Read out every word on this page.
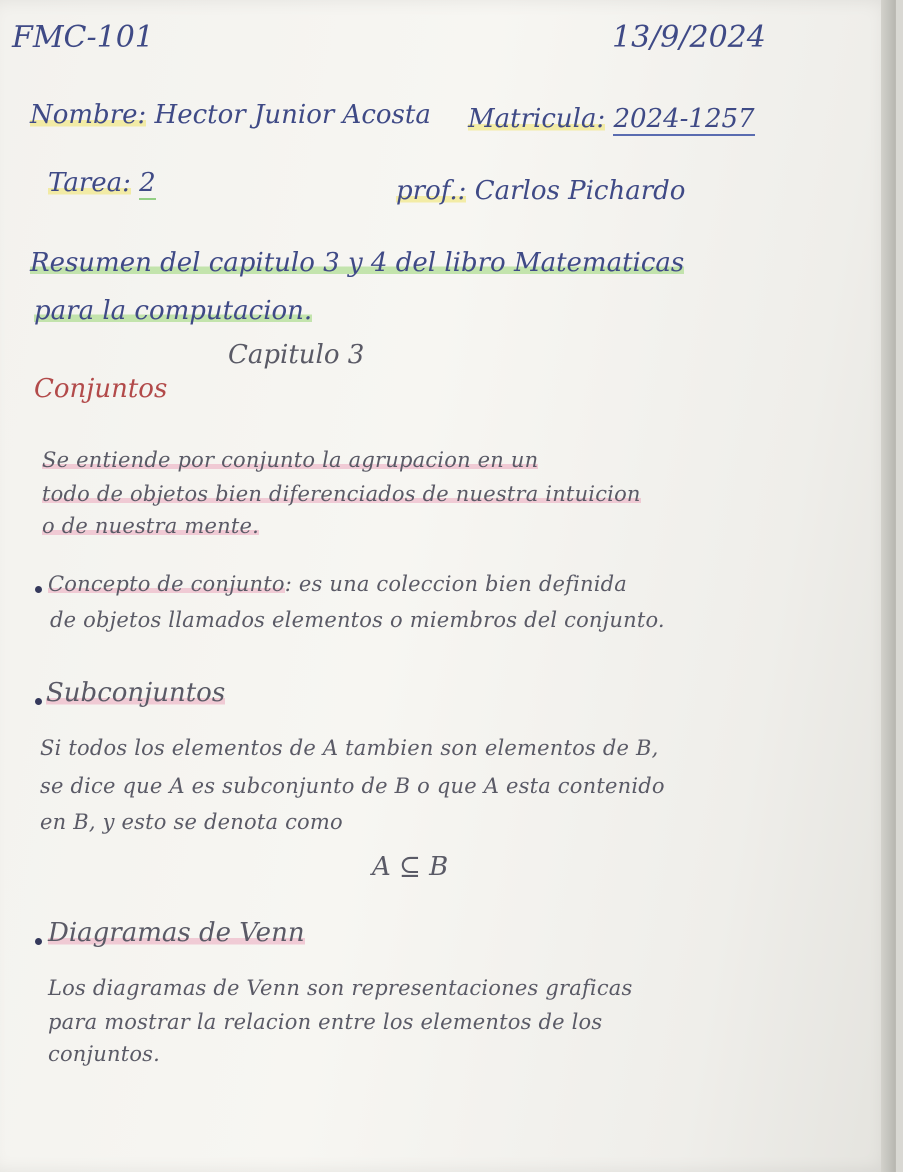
FMC-101	13/9/2024
Nombre: Hector Junior Acosta Matricula: 2024-1257
Tarea: 2	prof.: Carlos Pichardo
Resumen del capitulo 3 y 4 del libro Matematicas
para la computacion.
Capitulo 3
Conjuntos
Se entiende por conjunto la agrupacion en un
todo de objetos bien diferenciados de nuestra intuicion
o de nuestra mente.
Concepto de conjunto: es una coleccion bien definida
de objetos llamados elementos o miembros del conjunto.
Subconjuntos
Si todos los elementos de A tambien son elementos de B,
se dice que A es subconjunto de B o que A esta contenido
en B, y esto se denota como
A ⊆ B
Diagramas de Venn
Los diagramas de Venn son representaciones graficas
para mostrar la relacion entre los elementos de los
conjuntos.
